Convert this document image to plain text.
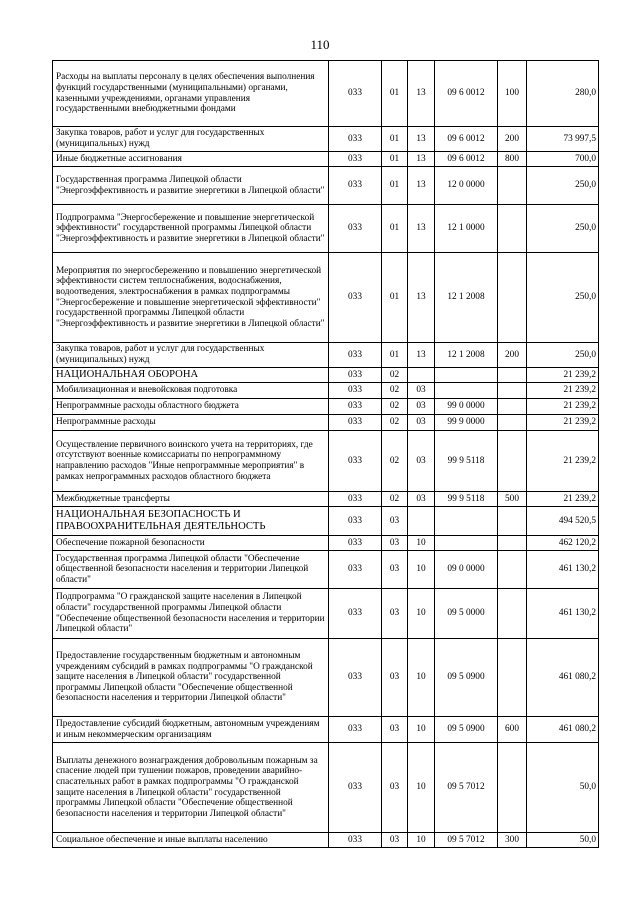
110
Расходы на выплаты персоналу в целях обеспечения выполнения функций государственными (муниципальными) органами, казенными учреждениями, органами управления государственными внебюджетными фондами	033	01	13	09 6 0012	100	280,0
Закупка товаров, работ и услуг для государственных (муниципальных) нужд	033	01	13	09 6 0012	200	73 997,5
Иные бюджетные ассигнования	033	01	13	09 6 0012	800	700,0
Государственная программа Липецкой области "Энергоэффективность и развитие энергетики в Липецкой области"	033	01	13	12 0 0000		250,0
Подпрограмма "Энергосбережение и повышение энергетической эффективности" государственной программы Липецкой области "Энергоэффективность и развитие энергетики в Липецкой области"	033	01	13	12 1 0000		250,0
Мероприятия по энергосбережению и повышению энергетической эффективности систем теплоснабжения, водоснабжения, водоотведения, электроснабжения в рамках подпрограммы "Энергосбережение и повышение энергетической эффективности" государственной программы Липецкой области "Энергоэффективность и развитие энергетики в Липецкой области"	033	01	13	12 1 2008		250,0
Закупка товаров, работ и услуг для государственных (муниципальных) нужд	033	01	13	12 1 2008	200	250,0
НАЦИОНАЛЬНАЯ ОБОРОНА	033	02				21 239,2
Мобилизационная и вневойсковая подготовка	033	02	03			21 239,2
Непрограммные расходы областного бюджета	033	02	03	99 0 0000		21 239,2
Непрограммные расходы	033	02	03	99 9 0000		21 239,2
Осуществление первичного воинского учета на территориях, где отсутствуют военные комиссариаты по непрограммному направлению расходов "Иные непрограммные мероприятия" в рамках непрограммных расходов областного бюджета	033	02	03	99 9 5118		21 239,2
Межбюджетные трансферты	033	02	03	99 9 5118	500	21 239,2
НАЦИОНАЛЬНАЯ БЕЗОПАСНОСТЬ И ПРАВООХРАНИТЕЛЬНАЯ ДЕЯТЕЛЬНОСТЬ	033	03				494 520,5
Обеспечение пожарной безопасности	033	03	10			462 120,2
Государственная программа Липецкой области "Обеспечение общественной безопасности населения и территории Липецкой области"	033	03	10	09 0 0000		461 130,2
Подпрограмма "О гражданской защите населения в Липецкой области" государственной программы Липецкой области "Обеспечение общественной безопасности населения и территории Липецкой области"	033	03	10	09 5 0000		461 130,2
Предоставление государственным бюджетным и автономным учреждениям субсидий в рамках подпрограммы "О гражданской защите населения в Липецкой области" государственной программы Липецкой области "Обеспечение общественной безопасности населения и территории Липецкой области"	033	03	10	09 5 0900		461 080,2
Предоставление субсидий бюджетным, автономным учреждениям и иным некоммерческим организациям	033	03	10	09 5 0900	600	461 080,2
Выплаты денежного вознаграждения добровольным пожарным за спасение людей при тушении пожаров, проведении аварийно-спасательных работ в рамках подпрограммы "О гражданской защите населения в Липецкой области" государственной программы Липецкой области "Обеспечение общественной безопасности населения и территории Липецкой области"	033	03	10	09 5 7012		50,0
Социальное обеспечение и иные выплаты населению	033	03	10	09 5 7012	300	50,0
